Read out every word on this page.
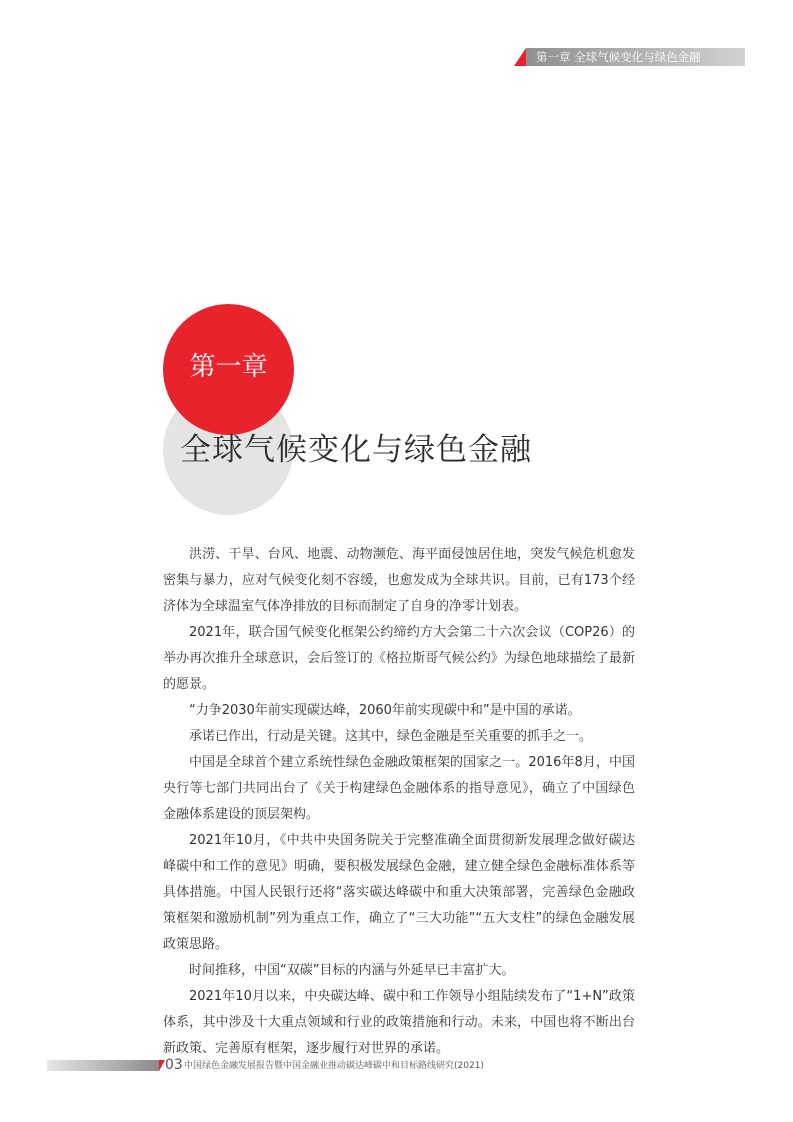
第一章 全球气候变化与绿色金融
第一章
全球气候变化与绿色金融

洪涝、干旱、台风、地震、动物濒危、海平面侵蚀居住地，突发气候危机愈发密集与暴力，应对气候变化刻不容缓，也愈发成为全球共识。目前，已有173个经济体为全球温室气体净排放的目标而制定了自身的净零计划表。

2021年，联合国气候变化框架公约缔约方大会第二十六次会议（COP26）的举办再次推升全球意识，会后签订的《格拉斯哥气候公约》为绿色地球描绘了最新的愿景。

“力争2030年前实现碳达峰，2060年前实现碳中和”是中国的承诺。

承诺已作出，行动是关键。这其中，绿色金融是至关重要的抓手之一。

中国是全球首个建立系统性绿色金融政策框架的国家之一。2016年8月，中国央行等七部门共同出台了《关于构建绿色金融体系的指导意见》，确立了中国绿色金融体系建设的顶层架构。

2021年10月，《中共中央国务院关于完整准确全面贯彻新发展理念做好碳达峰碳中和工作的意见》明确，要积极发展绿色金融，建立健全绿色金融标准体系等具体措施。中国人民银行还将“落实碳达峰碳中和重大决策部署，完善绿色金融政策框架和激励机制”列为重点工作，确立了“三大功能”“五大支柱”的绿色金融发展政策思路。

时间推移，中国“双碳”目标的内涵与外延早已丰富扩大。

2021年10月以来，中央碳达峰、碳中和工作领导小组陆续发布了“1+N”政策体系，其中涉及十大重点领域和行业的政策措施和行动。未来，中国也将不断出台新政策、完善原有框架，逐步履行对世界的承诺。

03 中国绿色金融发展报告暨中国金融业推动碳达峰碳中和目标路线研究(2021)
